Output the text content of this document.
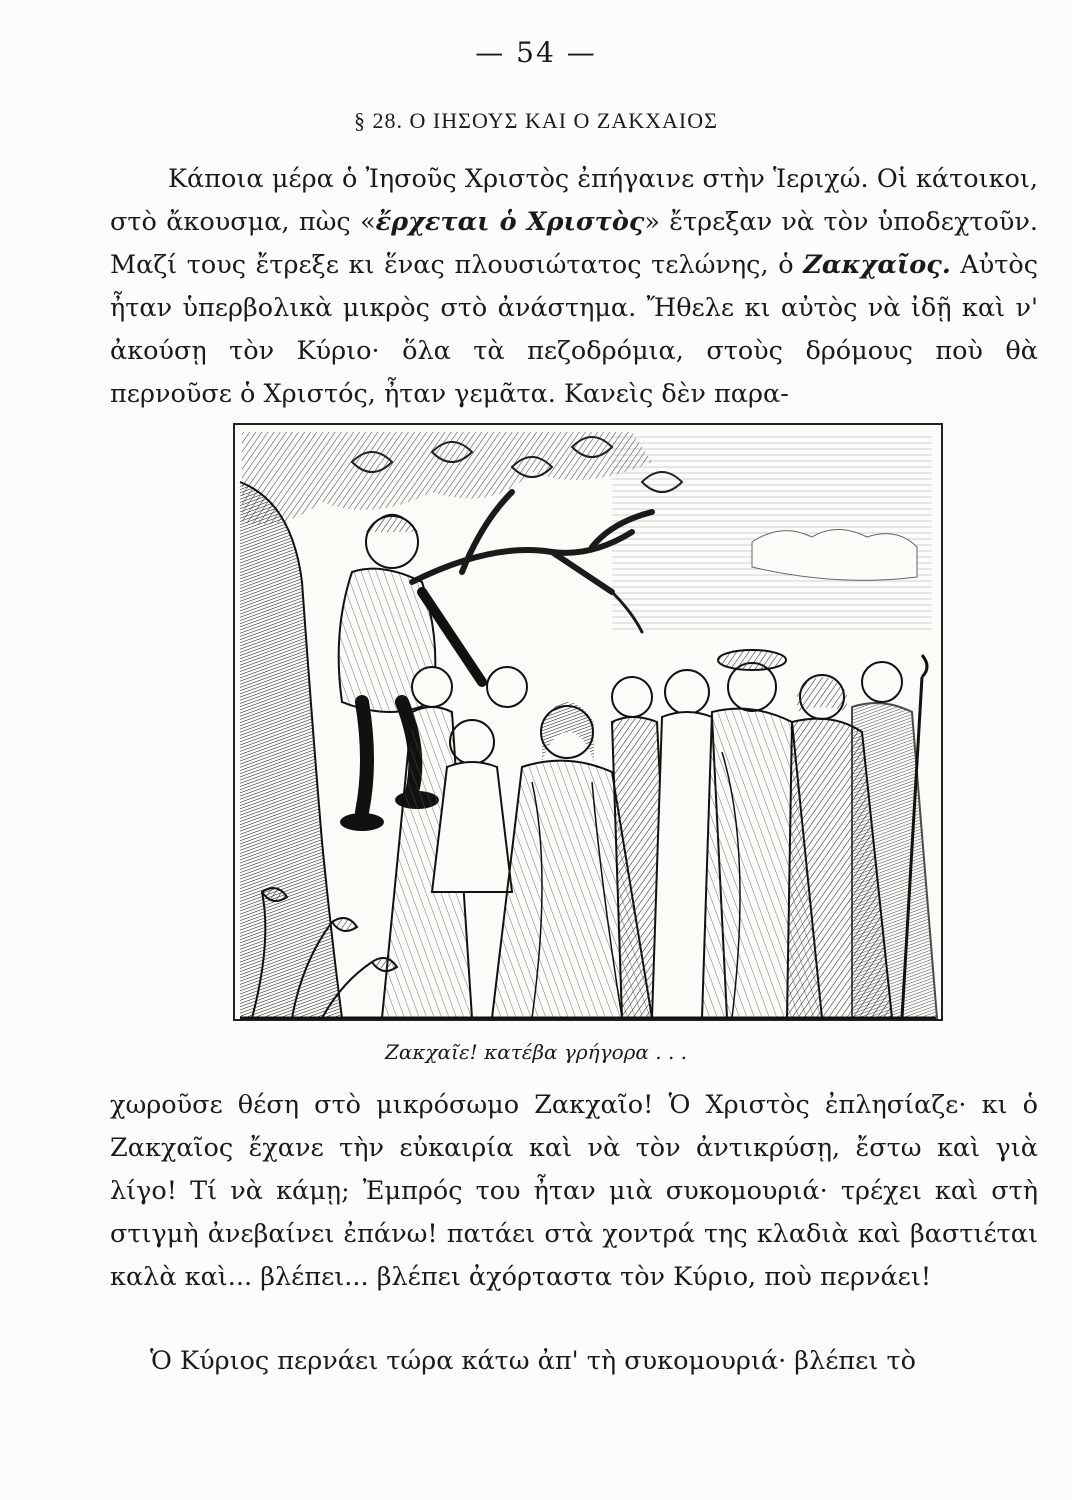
— 54 —
§ 28. Ο ΙΗΣΟΥΣ ΚΑΙ Ο ΖΑΚΧΑΙΟΣ

Κάποια μέρα ὁ Ἰησοῦς Χριστὸς ἐπήγαινε στὴν Ἱεριχώ. Οἱ κάτοικοι, στὸ ἄκουσμα, πὼς «ἔρχεται ὁ Χριστὸς» ἔτρεξαν νὰ τὸν ὑποδεχτοῦν. Μαζί τους ἔτρεξε κι ἕνας πλουσιώτατος τελώνης, ὁ Ζακχαῖος. Αὐτὸς ἦταν ὑπερβολικὰ μικρὸς στὸ ἀνάστημα. Ἤθελε κι αὐτὸς νὰ ἰδῇ καὶ ν' ἀκούσῃ τὸν Κύριο· ὅλα τὰ πεζοδρόμια, στοὺς δρόμους ποὺ θὰ περνοῦσε ὁ Χριστός, ἦταν γεμᾶτα. Κανεὶς δὲν παρα-

Ζακχαῖε! κατέβα γρήγορα . . .

χωροῦσε θέση στὸ μικρόσωμο Ζακχαῖο! Ὁ Χριστὸς ἐπλησίαζε· κι ὁ Ζακχαῖος ἔχανε τὴν εὐκαιρία καὶ νὰ τὸν ἀντικρύσῃ, ἔστω καὶ γιὰ λίγο! Τί νὰ κάμῃ; Ἐμπρός του ἦταν μιὰ συκομουριά· τρέχει καὶ στὴ στιγμὴ ἀνεβαίνει ἐπάνω! πατάει στὰ χοντρά της κλαδιὰ καὶ βαστιέται καλὰ καὶ... βλέπει... βλέπει ἀχόρταστα τὸν Κύριο, ποὺ περνάει!

Ὁ Κύριος περνάει τώρα κάτω ἀπ' τὴ συκομουριά· βλέπει τὸ
